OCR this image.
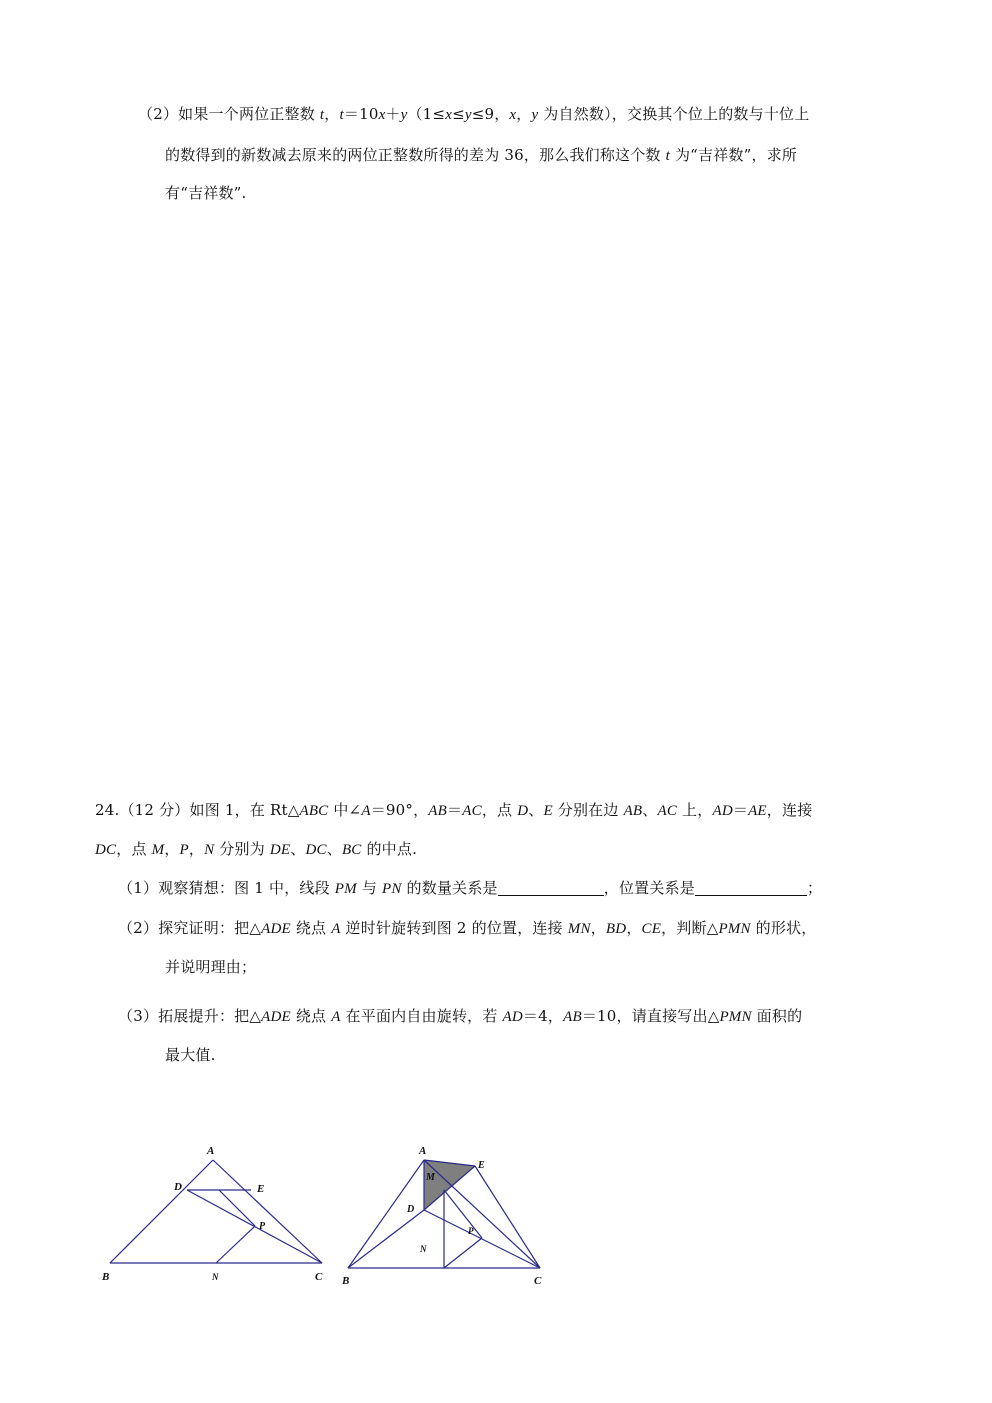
（2）如果一个两位正整数 t，t＝10x＋y（1≤x≤y≤9，x，y 为自然数），交换其个位上的数与十位上
的数得到的新数减去原来的两位正整数所得的差为 36，那么我们称这个数 t 为“吉祥数”，求所
有“吉祥数”.
24.（12 分）如图 1，在 Rt△ABC 中∠A＝90°，AB＝AC，点 D、E 分别在边 AB、AC 上，AD＝AE，连接
DC，点 M，P，N 分别为 DE、DC、BC 的中点.
（1）观察猜想：图 1 中，线段 PM 与 PN 的数量关系是	，位置关系是	；
（2）探究证明：把△ADE 绕点 A 逆时针旋转到图 2 的位置，连接 MN，BD，CE，判断△PMN 的形状，
并说明理由；
（3）拓展提升：把△ADE 绕点 A 在平面内自由旋转，若 AD＝4，AB＝10，请直接写出△PMN 面积的
最大值.
A
B	C
D	E
P
N
A
B	C
D
E
M
P
N
